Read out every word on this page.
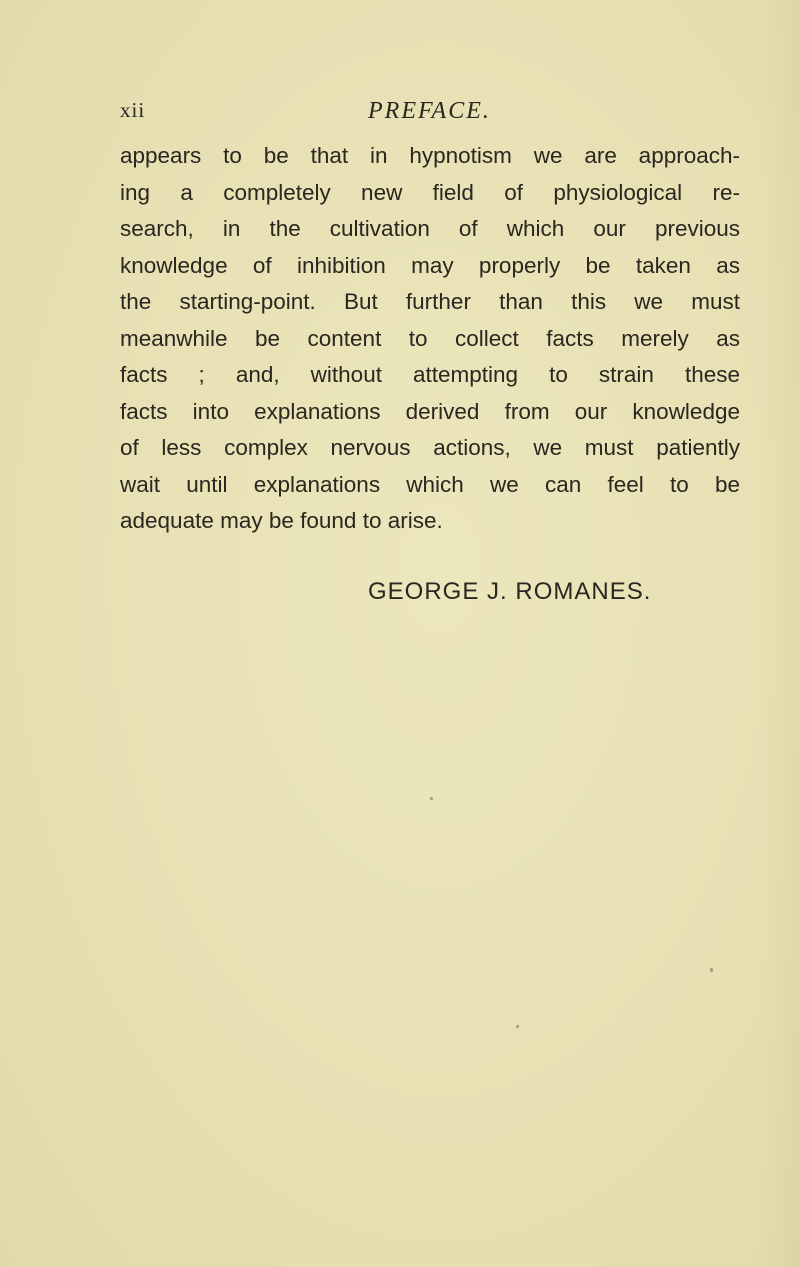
xii	PREFACE.
appears to be that in hypnotism we are approach-
ing a completely new field of physiological re-
search, in the cultivation of which our previous
knowledge of inhibition may properly be taken as
the starting-point. But further than this we must
meanwhile be content to collect facts merely as
facts ; and, without attempting to strain these
facts into explanations derived from our knowledge
of less complex nervous actions, we must patiently
wait until explanations which we can feel to be
adequate may be found to arise.
GEORGE J. ROMANES.
